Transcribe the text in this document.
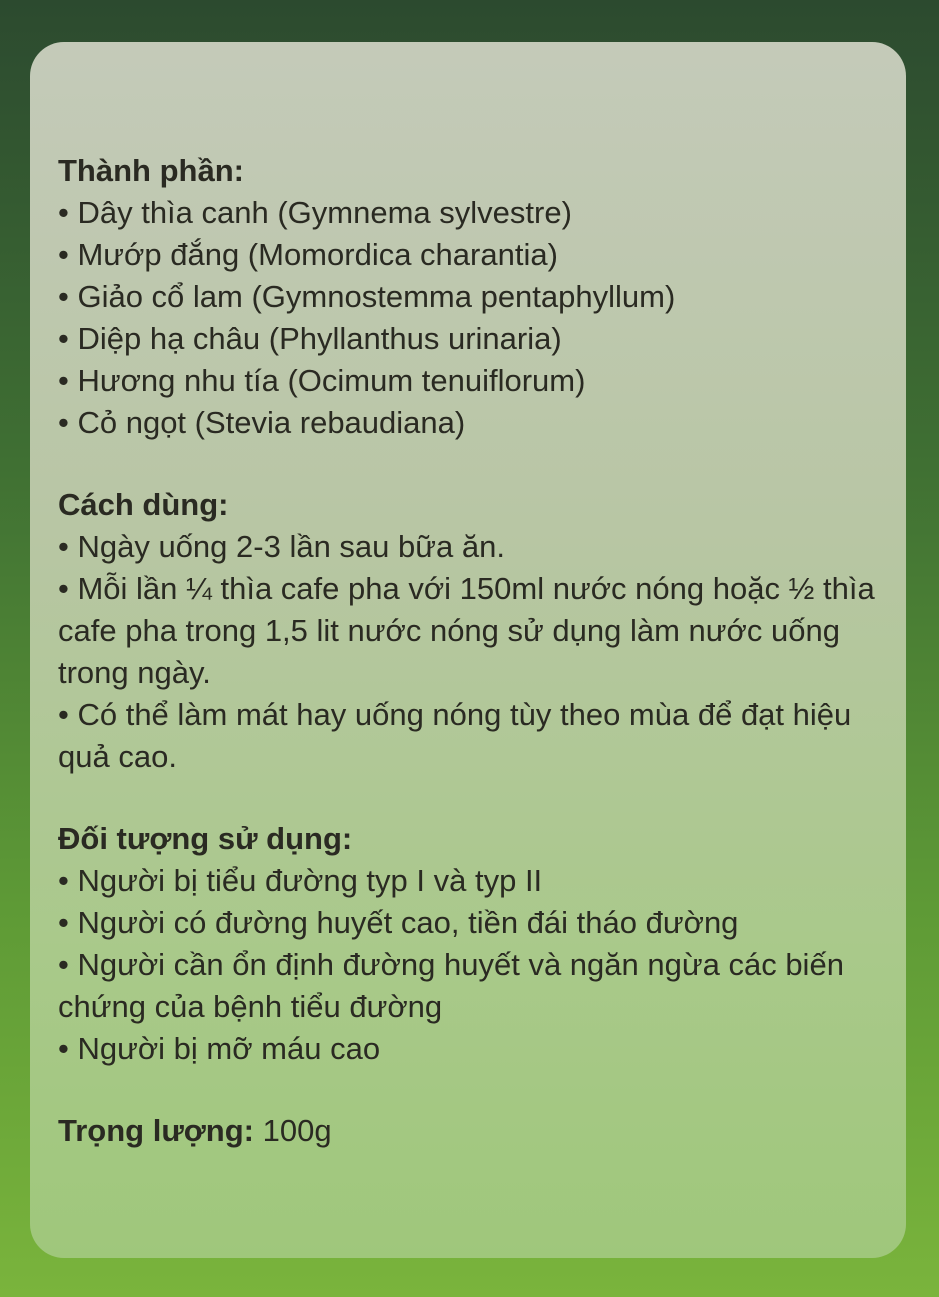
Thành phần:

• Dây thìa canh (Gymnema sylvestre)

• Mướp đắng (Momordica charantia)

• Giảo cổ lam (Gymnostemma pentaphyllum)

• Diệp hạ châu (Phyllanthus urinaria)

• Hương nhu tía (Ocimum tenuiflorum)

• Cỏ ngọt (Stevia rebaudiana)

Cách dùng:

• Ngày uống 2-3 lần sau bữa ăn.

• Mỗi lần ¼ thìa cafe pha với 150ml nước nóng hoặc ½ thìa cafe pha trong 1,5 lit nước nóng sử dụng làm nước uống trong ngày.

• Có thể làm mát hay uống nóng tùy theo mùa để đạt hiệu quả cao.

Đối tượng sử dụng:

• Người bị tiểu đường typ I và typ II

• Người có đường huyết cao, tiền đái tháo đường

• Người cần ổn định đường huyết và ngăn ngừa các biến chứng của bệnh tiểu đường

• Người bị mỡ máu cao

Trọng lượng: 100g
